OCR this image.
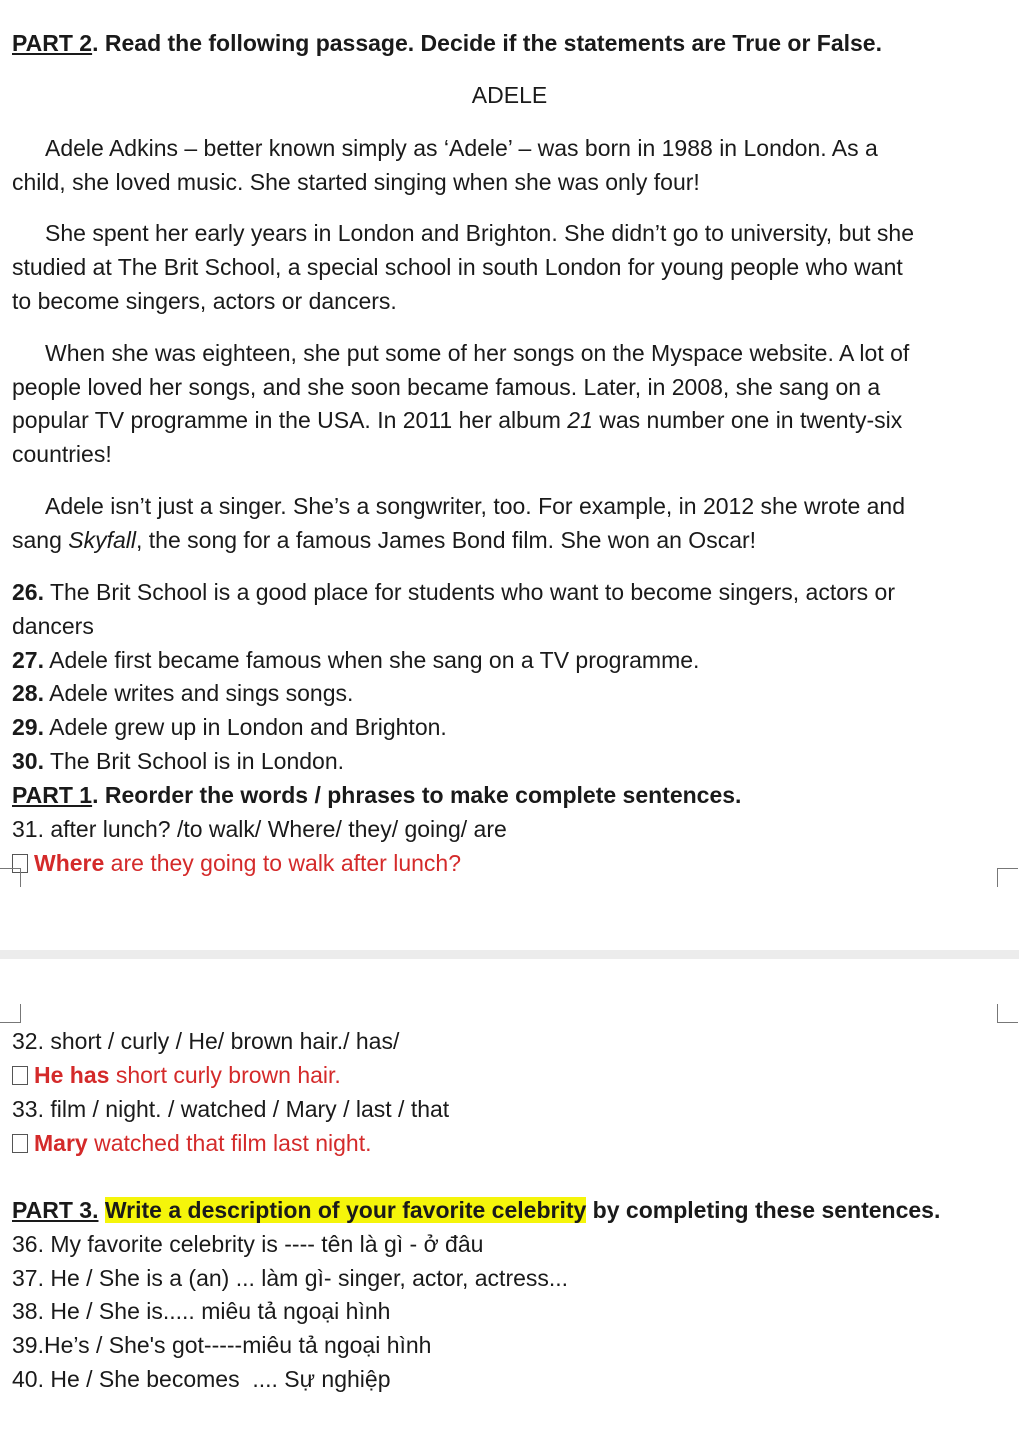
PART 2. Read the following passage. Decide if the statements are True or False.
ADELE
Adele Adkins – better known simply as ‘Adele’ – was born in 1988 in London. As a
child, she loved music. She started singing when she was only four!
She spent her early years in London and Brighton. She didn’t go to university, but she
studied at The Brit School, a special school in south London for young people who want
to become singers, actors or dancers.
When she was eighteen, she put some of her songs on the Myspace website. A lot of
people loved her songs, and she soon became famous. Later, in 2008, she sang on a
popular TV programme in the USA. In 2011 her album 21 was number one in twenty-six
countries!
Adele isn’t just a singer. She’s a songwriter, too. For example, in 2012 she wrote and
sang Skyfall, the song for a famous James Bond film. She won an Oscar!
26. The Brit School is a good place for students who want to become singers, actors or
dancers
27. Adele first became famous when she sang on a TV programme.
28. Adele writes and sings songs.
29. Adele grew up in London and Brighton.
30. The Brit School is in London.
PART 1. Reorder the words / phrases to make complete sentences.
31. after lunch? /to walk/ Where/ they/ going/ are
Where are they going to walk after lunch?
32. short / curly / He/ brown hair./ has/
He has short curly brown hair.
33. film / night. / watched / Mary / last / that
Mary watched that film last night.
PART 3. Write a description of your favorite celebrity by completing these sentences.
36. My favorite celebrity is ---- tên là gì - ở đâu
37. He / She is a (an) ... làm gì- singer, actor, actress...
38. He / She is..... miêu tả ngoại hình
39.He’s / She's got-----miêu tả ngoại hình
40. He / She becomes  .... Sự nghiệp
